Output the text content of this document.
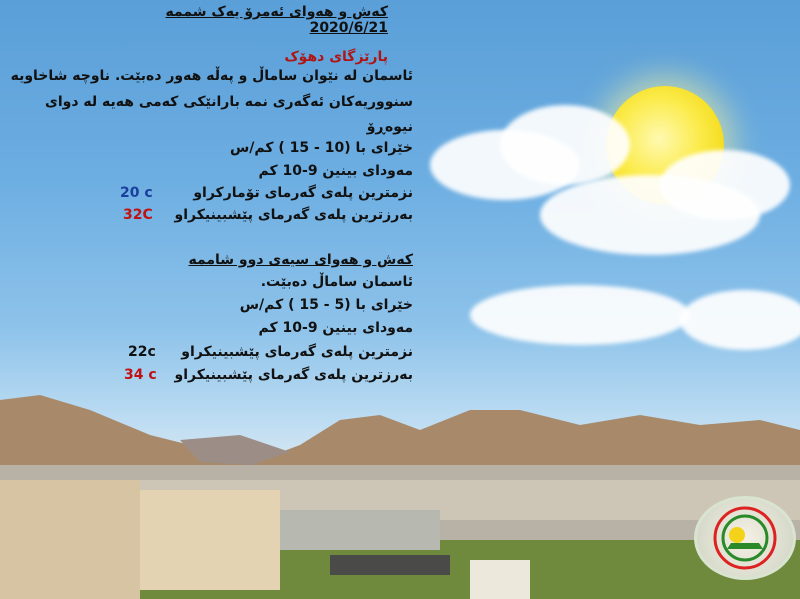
کەش و هەوای ئەمرۆ یەک شممە 2020/6/21
پارێزگای دهۆک
ئاسمان لە نێوان ساماڵ و پەڵە هەور دەبێت. ناوچە شاخاویە
سنووریەکان ئەگەری نمە بارانێکی کەمی هەیە لە دوای
نیوەڕۆ
خێرای با (10 - 15 ) کم/س
مەودای بینین 9-10 کم
نزمترین پلەی گەرمای تۆمارکراو
20 c
بەرزترین پلەی گەرمای پێشبینیکراو
32C
کەش و هەوای سیەی دوو شاممە
ئاسمان ساماڵ دەبێت.
خێرای با (5 - 15 ) کم/س
مەودای بینین 9-10 کم
نزمترین پلەی گەرمای پێشبینیکراو
22c
بەرزترین پلەی گەرمای پێشبینیکراو
34 c
